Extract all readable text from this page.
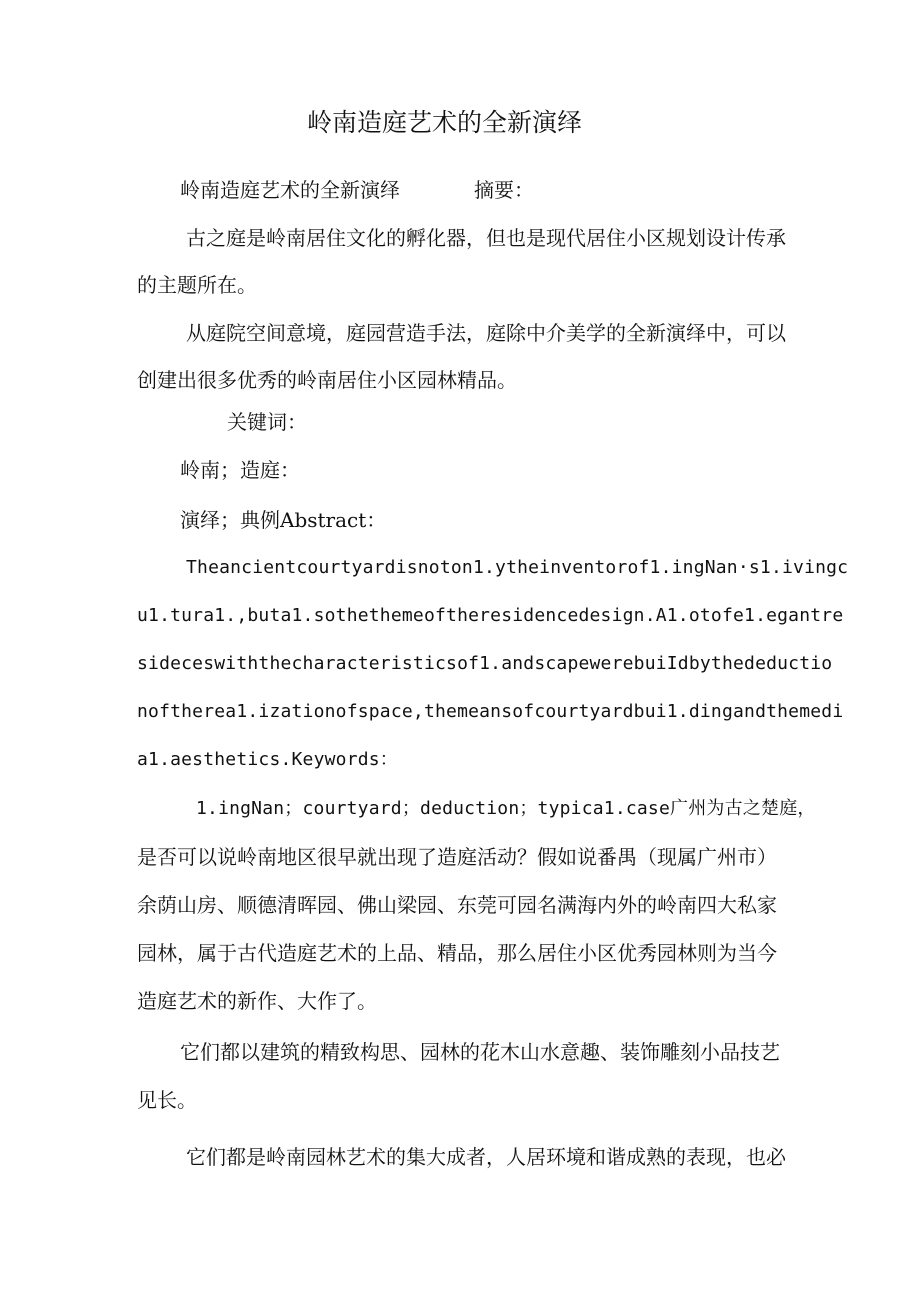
岭南造庭艺术的全新演绎
岭南造庭艺术的全新演绎	摘要：
古之庭是岭南居住文化的孵化器，但也是现代居住小区规划设计传承
的主题所在。
从庭院空间意境，庭园营造手法，庭除中介美学的全新演绎中，可以
创建出很多优秀的岭南居住小区园林精品。
关键词：
岭南；造庭：
演绎；典例Abstract：
Theancientcourtyardisnoton1.ytheinventorof1.ingNan·s1.ivingc
u1.tura1.,buta1.sothethemeoftheresidencedesign.A1.otofe1.egantre
sideceswiththecharacteristicsof1.andscapewerebuiIdbythedeductio
noftherea1.izationofspace,themeansofcourtyardbui1.dingandthemedi
a1.aesthetics.Keywords：
1.ingNan；courtyard；deduction；typica1.case广州为古之楚庭，
是否可以说岭南地区很早就出现了造庭活动？假如说番禺（现属广州市）
余荫山房、顺德清晖园、佛山梁园、东莞可园名满海内外的岭南四大私家
园林，属于古代造庭艺术的上品、精品，那么居住小区优秀园林则为当今
造庭艺术的新作、大作了。
它们都以建筑的精致构思、园林的花木山水意趣、装饰雕刻小品技艺
见长。
它们都是岭南园林艺术的集大成者，人居环境和谐成熟的表现，也必
